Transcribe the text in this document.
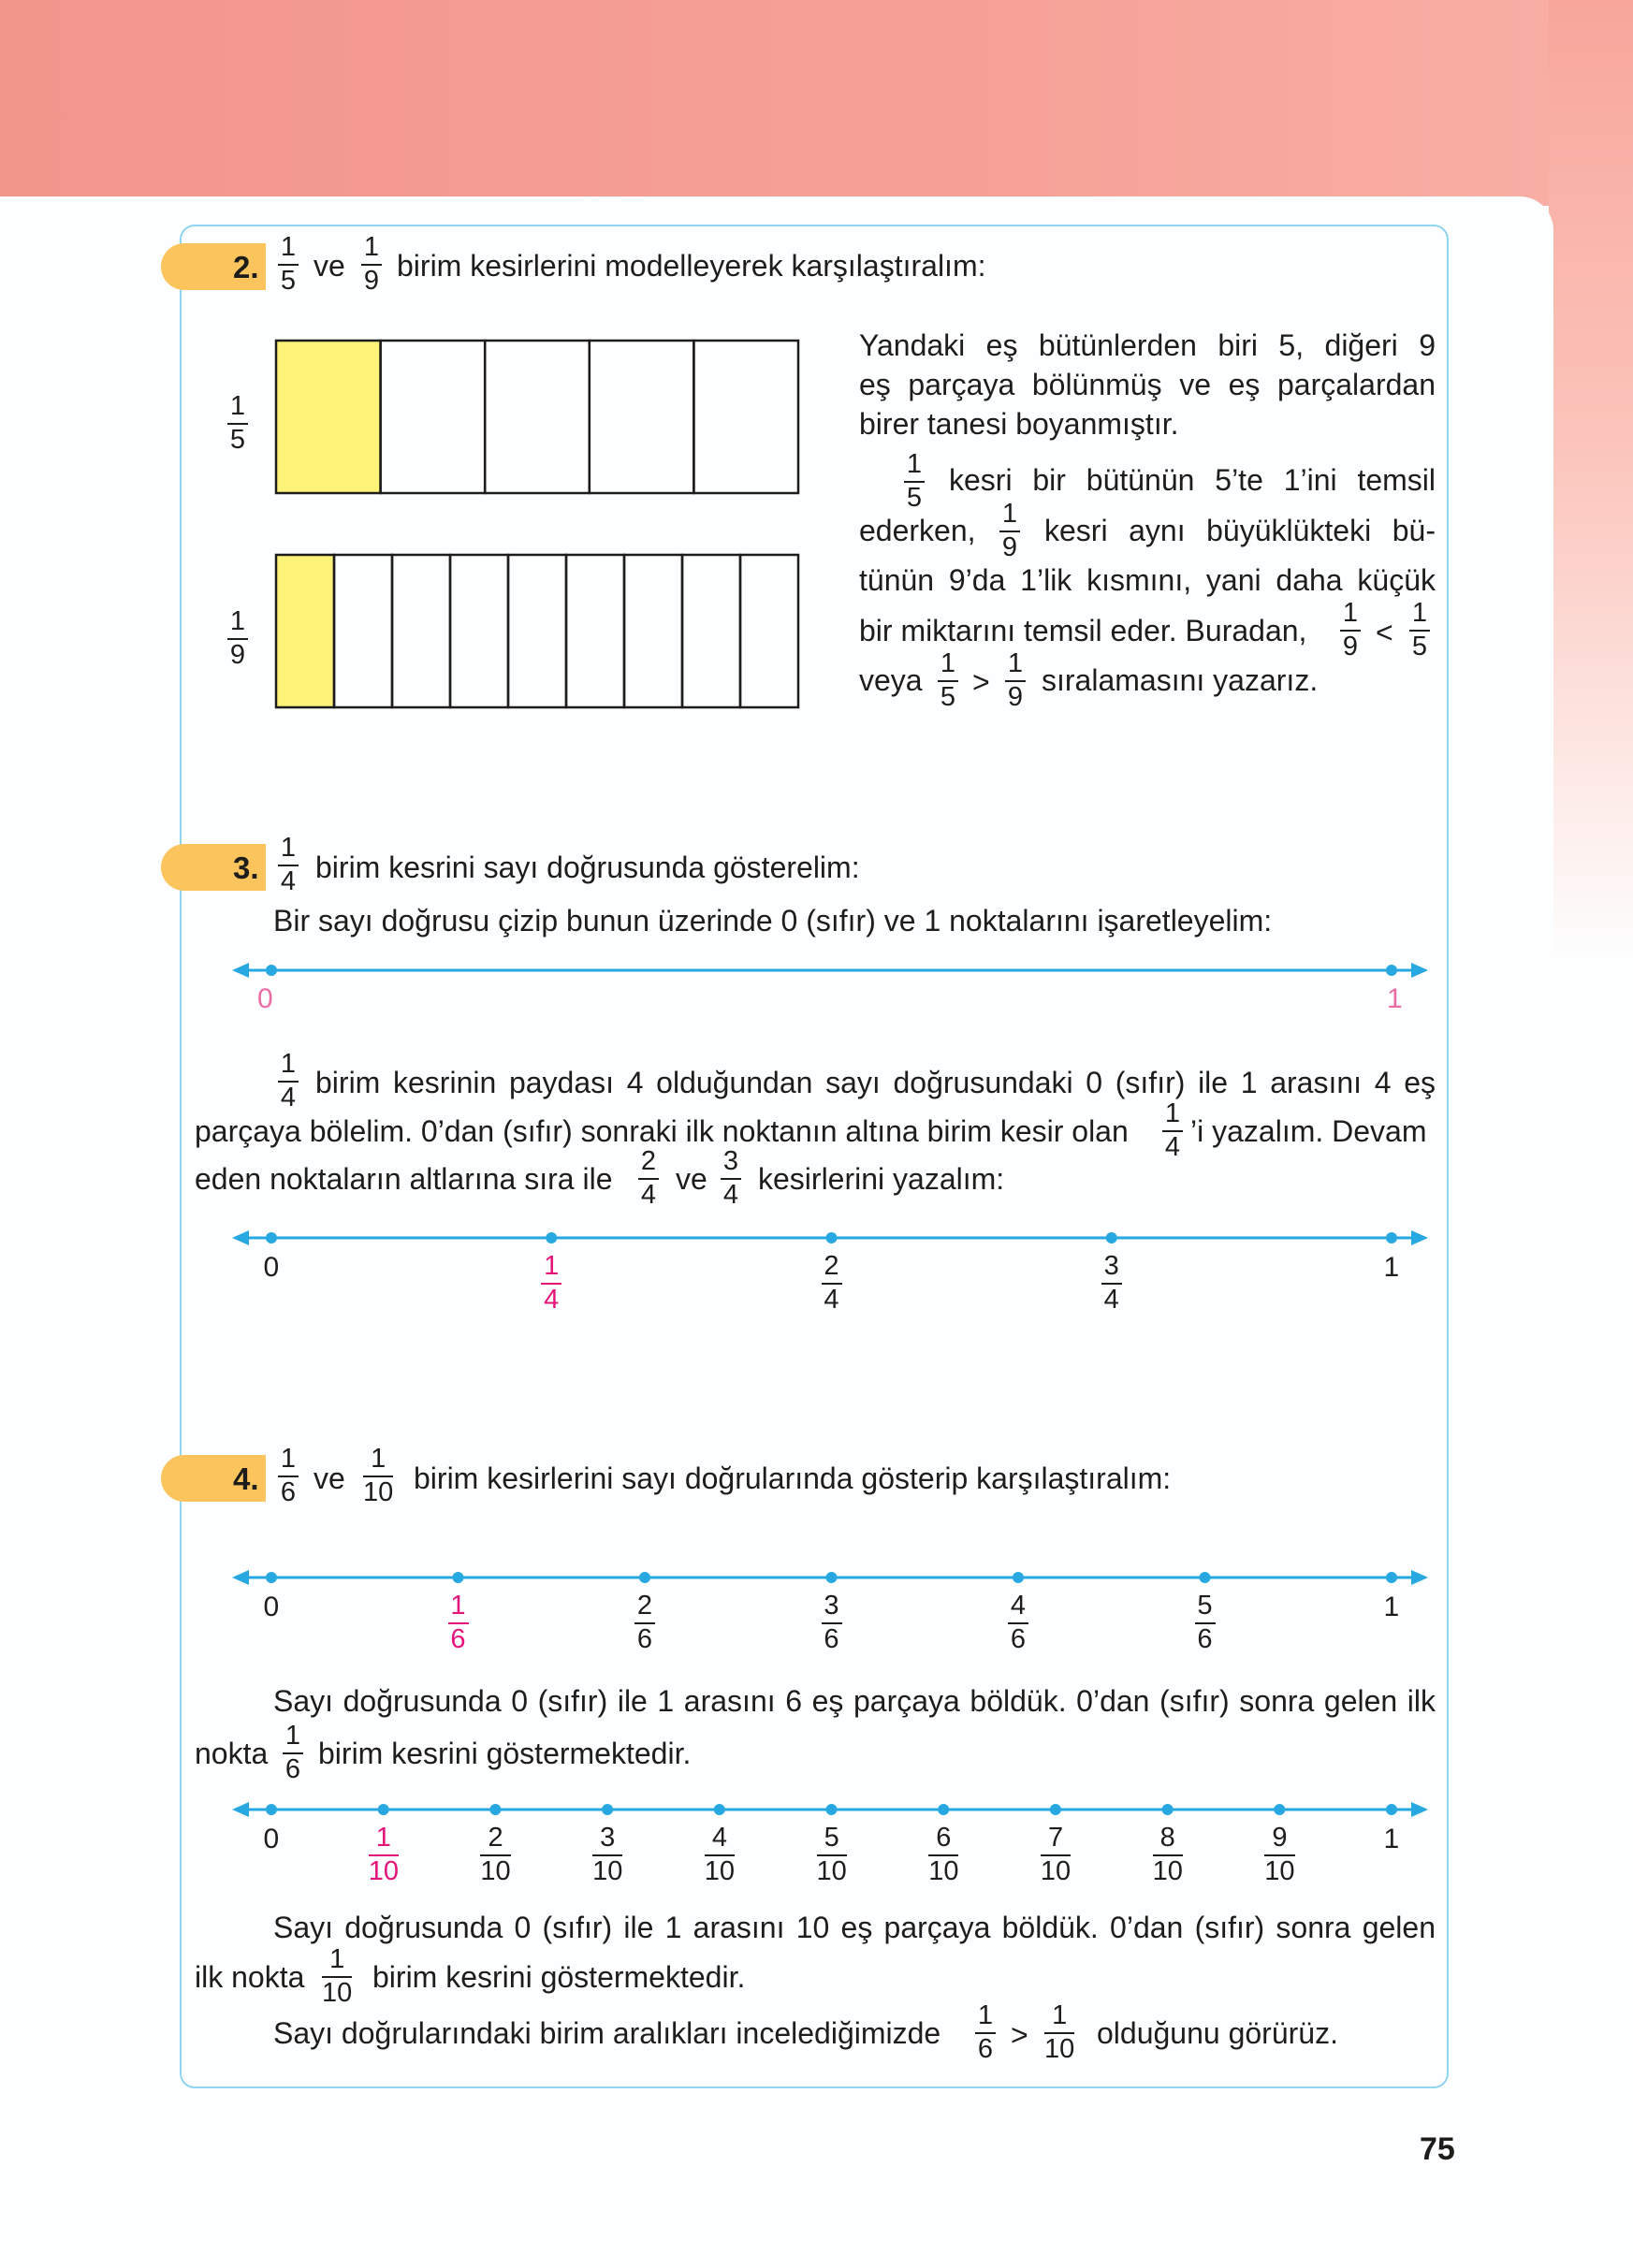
2.
1
5 ve
1
9 birim kesirlerini modelleyerek karşılaştıralım:
1
5
1
9
Yandaki eş bütünlerden biri 5, diğeri 9
eş parçaya bölünmüş ve eş parçalardan
birer tanesi boyanmıştır.
1
5
kesri bir bütünün 5’te 1’ini temsil
ederken, 1
9 kesri aynı büyüklükteki bü-
tünün 9’da 1’lik kısmını, yani daha küçük
bir miktarını temsil eder. Buradan,
1
9 <
1
5
veya 1
5 >
1
9 sıralamasını yazarız.
3.
1
4 birim kesrini sayı doğrusunda gösterelim:
Bir sayı doğrusu çizip bunun üzerinde 0 (sıfır) ve 1 noktalarını işaretleyelim:
0	1
1
4 birim kesrinin paydası 4 olduğundan sayı doğrusundaki 0 (sıfır) ile 1 arasını 4 eş
parçaya bölelim. 0’dan (sıfır) sonraki ilk noktanın altına birim kesir olan
1
4 ’i yazalım. Devam
eden noktaların altlarına sıra ile
2
4 ve
3
4 kesirlerini yazalım:
4.
1
6 ve
1
10 birim kesirlerini sayı doğrularında gösterip karşılaştıralım:
Sayı doğrusunda 0 (sıfır) ile 1 arasını 6 eş parçaya böldük. 0’dan (sıfır) sonra gelen ilk
nokta
1
6 birim kesrini göstermektedir.
Sayı doğrusunda 0 (sıfır) ile 1 arasını 10 eş parçaya böldük. 0’dan (sıfır) sonra gelen
ilk nokta
1
10 birim kesrini göstermektedir.
Sayı doğrularındaki birim aralıkları incelediğimizde
1
6 >
1
10 olduğunu görürüz.
0	1
4
2
4
3
4
1
0	1
6
2
6
3
6
4
6
5
6
1
0	1
10
2
10
3
10
4
10
5
10
6
10
7
10
8
10
9
10
1
75
